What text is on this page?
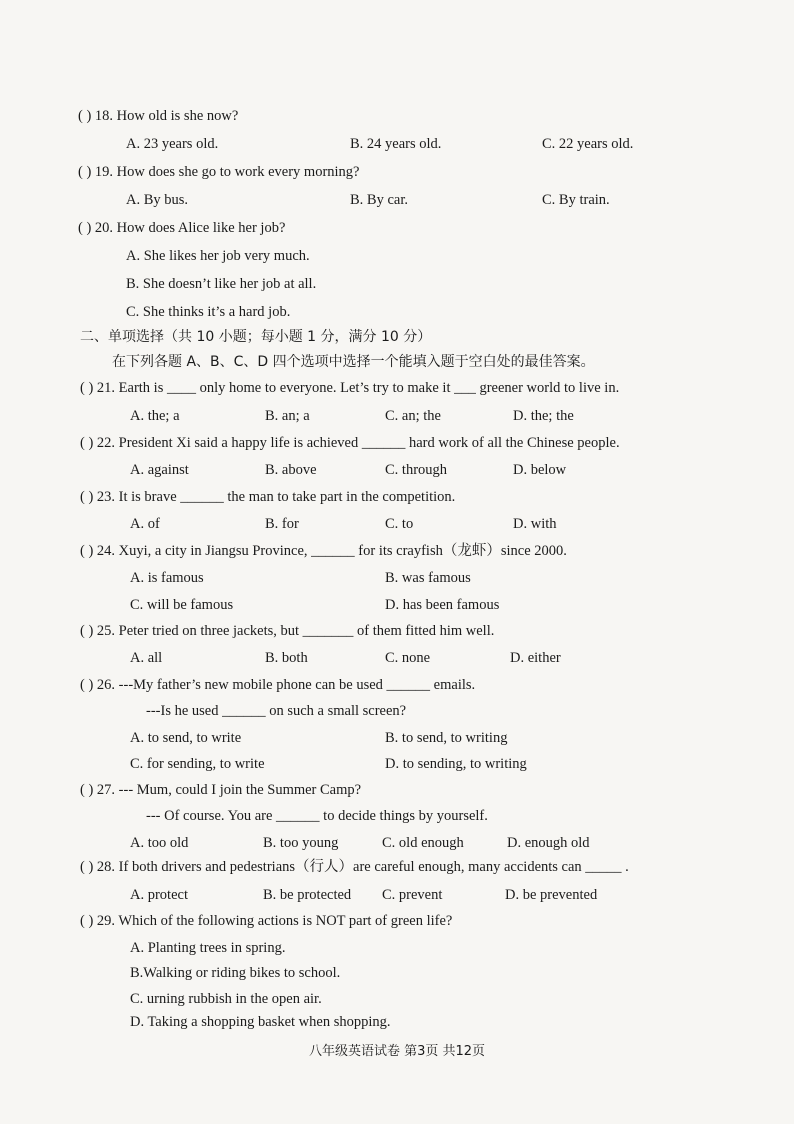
( ) 18. How old is she now?
A. 23 years old.	B. 24 years old.	C. 22 years old.
( ) 19. How does she go to work every morning?
A. By bus.	B. By car.	C. By train.
( ) 20. How does Alice like her job?
A. She likes her job very much.
B. She doesn’t like her job at all.
C. She thinks it’s a hard job.
二、单项选择（共 10 小题；每小题 1 分，满分 10 分）
在下列各题 A、B、C、D 四个选项中选择一个能填入题于空白处的最佳答案。
( ) 21. Earth is ____ only home to everyone. Let’s try to make it ___ greener world to live in.
A. the; a	B. an; a	C. an; the	D. the; the
( ) 22. President Xi said a happy life is achieved ______ hard work of all the Chinese people.
A. against	B. above	C. through	D. below
( ) 23. It is brave ______ the man to take part in the competition.
A. of	B. for	C. to	D. with
( ) 24. Xuyi, a city in Jiangsu Province, ______ for its crayfish（龙虾）since 2000.
A. is famous	B. was famous
C. will be famous	D. has been famous
( ) 25. Peter tried on three jackets, but _______ of them fitted him well.
A. all	B. both	C. none	D. either
( ) 26. ---My father’s new mobile phone can be used ______ emails.
---Is he used ______ on such a small screen?
A. to send, to write	B. to send, to writing
C. for sending, to write	D. to sending, to writing
( ) 27. --- Mum, could I join the Summer Camp?
--- Of course. You are ______ to decide things by yourself.
A. too old	B. too young	C. old enough	D. enough old
( ) 28. If both drivers and pedestrians（行人）are careful enough, many accidents can _____ .
A. protect	B. be protected C. prevent	D. be prevented
( ) 29. Which of the following actions is NOT part of green life?
A. Planting trees in spring.
B.Walking or riding bikes to school.
C. urning rubbish in the open air.
D. Taking a shopping basket when shopping.
八年级英语试卷 第3页 共12页
